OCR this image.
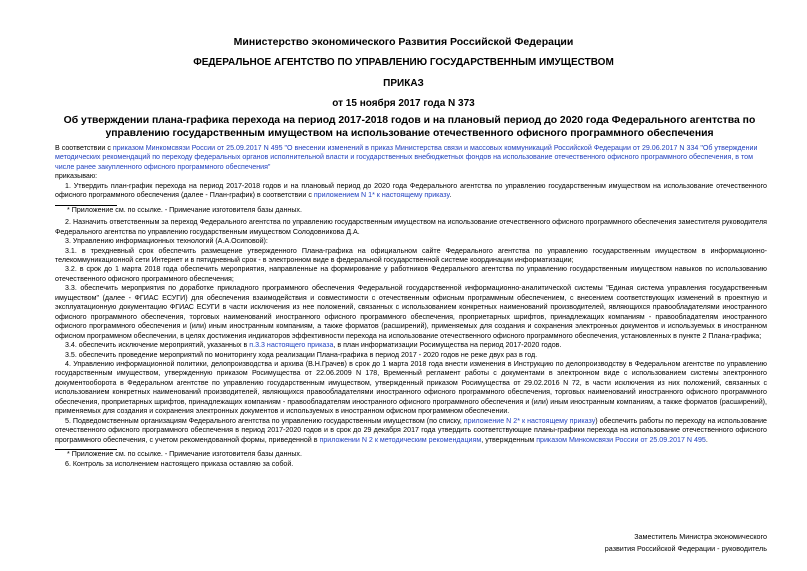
Министерство экономического Развития Российской Федерации
ФЕДЕРАЛЬНОЕ АГЕНТСТВО ПО УПРАВЛЕНИЮ ГОСУДАРСТВЕННЫМ ИМУЩЕСТВОМ
ПРИКАЗ
от 15 ноября 2017 года N 373
Об утверждении плана-графика перехода на период 2017-2018 годов и на плановый период до 2020 года Федерального агентства по управлению государственным имуществом на использование отечественного офисного программного обеспечения

В соответствии с приказом Минкомсвязи России от 25.09.2017 N 495 "О внесении изменений в приказ Министерства связи и массовых коммуникаций Российской Федерации от 29.06.2017 N 334 "Об утверждении методических рекомендаций по переходу федеральных органов исполнительной власти и государственных внебюджетных фондов на использование отечественного офисного программного обеспечения, в том числе ранее закупленного офисного программного обеспечения"

приказываю:

1. Утвердить план-график перехода на период 2017-2018 годов и на плановый период до 2020 года Федерального агентства по управлению государственным имуществом на использование отечественного офисного программного обеспечения (далее - План-график) в соответствии с приложением N 1* к настоящему приказу.

* Приложение см. по ссылке. - Примечание изготовителя базы данных.

2. Назначить ответственным за переход Федерального агентства по управлению государственным имуществом на использование отечественного офисного программного обеспечения заместителя руководителя Федерального агентства по управлению государственным имуществом Солодовникова Д.А.

3. Управлению информационных технологий (А.А.Осиповой):

3.1. в трехдневный срок обеспечить размещение утвержденного Плана-графика на официальном сайте Федерального агентства по управлению государственным имуществом в информационно-телекоммуникационной сети Интернет и в пятидневный срок - в электронном виде в федеральной государственной системе координации информатизации;

3.2. в срок до 1 марта 2018 года обеспечить мероприятия, направленные на формирование у работников Федерального агентства по управлению государственным имуществом навыков по использованию отечественного офисного программного обеспечения;

3.3. обеспечить мероприятия по доработке прикладного программного обеспечения Федеральной государственной информационно-аналитической системы "Единая система управления государственным имуществом" (далее - ФГИАС ЕСУГИ) для обеспечения взаимодействия и совместимости с отечественным офисным программным обеспечением, с внесением соответствующих изменений в проектную и эксплуатационную документацию ФГИАС ЕСУГИ в части исключения из нее положений, связанных с использованием конкретных наименований производителей, являющихся правообладателями иностранного офисного программного обеспечения, торговых наименований иностранного офисного программного обеспечения, проприетарных шрифтов, принадлежащих компаниям - правообладателям иностранного офисного программного обеспечения и (или) иным иностранным компаниям, а также форматов (расширений), применяемых для создания и сохранения электронных документов и используемых в иностранном офисном программном обеспечении, в целях достижения индикаторов эффективности перехода на использование отечественного офисного программного обеспечения, установленных в пункте 2 Плана-графика;

3.4. обеспечить исключение мероприятий, указанных в п.3.3 настоящего приказа, в план информатизации Росимущества на период 2017-2020 годов.

3.5. обеспечить проведение мероприятий по мониторингу хода реализации Плана-графика в период 2017 - 2020 годов не реже двух раз в год.

4. Управлению информационной политики, делопроизводства и архива (В.Н.Грачев) в срок до 1 марта 2018 года внести изменения в Инструкцию по делопроизводству в Федеральном агентстве по управлению государственным имуществом, утвержденную приказом Росимущества от 22.06.2009 N 178, Временный регламент работы с документами в электронном виде с использованием системы электронного документооборота в Федеральном агентстве по управлению государственным имуществом, утвержденный приказом Росимущества от 29.02.2016 N 72, в части исключения из них положений, связанных с использованием конкретных наименований производителей, являющихся правообладателями иностранного офисного программного обеспечения, торговых наименований иностранного офисного программного обеспечения, проприетарных шрифтов, принадлежащих компаниям - правообладателям иностранного офисного программного обеспечения и (или) иным иностранным компаниям, а также форматов (расширений), применяемых для создания и сохранения электронных документов и используемых в иностранном офисном программном обеспечении.

5. Подведомственным организациям Федерального агентства по управлению государственным имуществом (по списку, приложение N 2* к настоящему приказу) обеспечить работы по переходу на использование отечественного офисного программного обеспечения в период 2017-2020 годов и в срок до 29 декабря 2017 года утвердить соответствующие планы-графики перехода на использование отечественного офисного программного обеспечения, с учетом рекомендованной формы, приведенной в приложении N 2 к методическим рекомендациям, утвержденным приказом Минкомсвязи России от 25.09.2017 N 495.

* Приложение см. по ссылке. - Примечание изготовителя базы данных.

6. Контроль за исполнением настоящего приказа оставляю за собой.

Заместитель Министра экономического
развития Российской Федерации - руководитель
